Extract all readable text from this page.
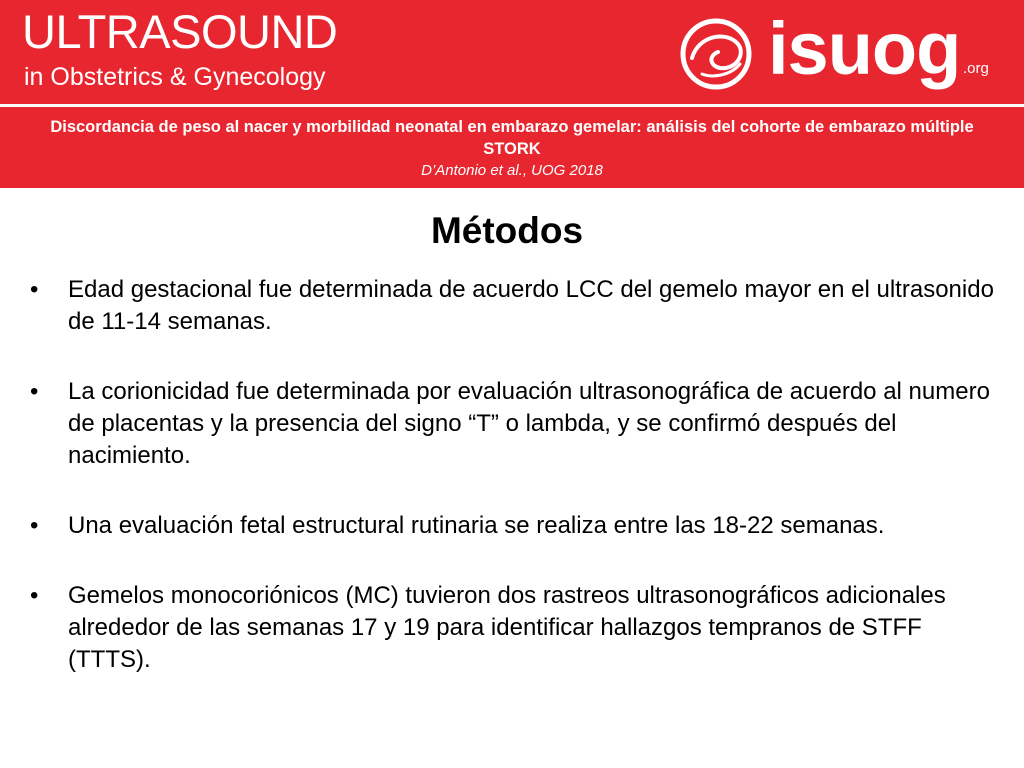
ULTRASOUND
in Obstetrics & Gynecology	isuog .org
Discordancia de peso al nacer y morbilidad neonatal en embarazo gemelar: análisis del cohorte de embarazo múltiple STORK
D’Antonio et al., UOG 2018
Métodos
• Edad gestacional fue determinada de acuerdo LCC del gemelo mayor en el ultrasonido de 11-14 semanas.
• La corionicidad fue determinada por evaluación ultrasonográfica de acuerdo al numero de placentas y la presencia del signo “T” o lambda, y se confirmó después del nacimiento.
• Una evaluación fetal estructural rutinaria se realiza entre las 18-22 semanas.
• Gemelos monocoriónicos (MC) tuvieron dos rastreos ultrasonográficos adicionales alrededor de las semanas 17 y 19 para identificar hallazgos tempranos de STFF (TTTS).
